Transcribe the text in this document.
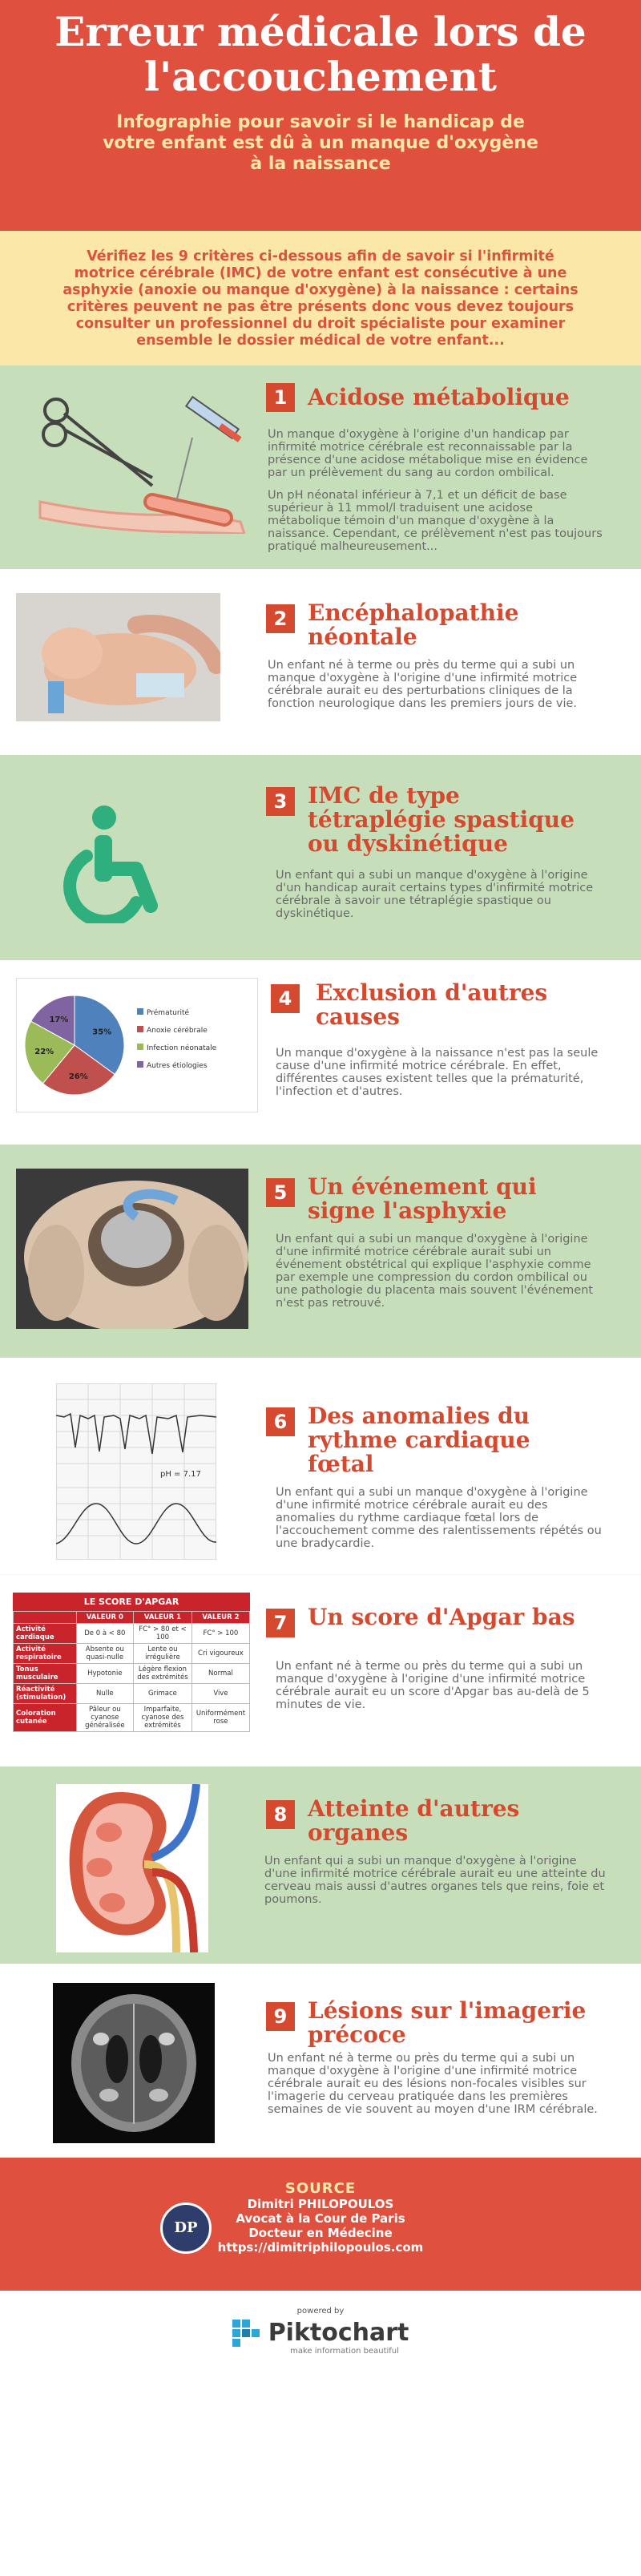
Erreur médicale lors de l'accouchement
Infographie pour savoir si le handicap de votre enfant est dû à un manque d'oxygène à la naissance
Vérifiez les 9 critères ci-dessous afin de savoir si l'infirmité motrice cérébrale (IMC) de votre enfant est consécutive à une asphyxie (anoxie ou manque d'oxygène) à la naissance : certains critères peuvent ne pas être présents donc vous devez toujours consulter un professionnel du droit spécialiste pour examiner ensemble le dossier médical de votre enfant...
1 Acidose métabolique

Un manque d'oxygène à l'origine d'un handicap par infirmité motrice cérébrale est reconnaissable par la présence d'une acidose métabolique mise en évidence par un prélèvement du sang au cordon ombilical.

Un pH néonatal inférieur à 7,1 et un déficit de base supérieur à 11 mmol/l traduisent une acidose métabolique témoin d'un manque d'oxygène à la naissance. Cependant, ce prélèvement n'est pas toujours pratiqué malheureusement...

2 Encéphalopathie néontale

Un enfant né à terme ou près du terme qui a subi un manque d'oxygène à l'origine d'une infirmité motrice cérébrale aurait eu des perturbations cliniques de la fonction neurologique dans les premiers jours de vie.

3 IMC de type tétraplégie spastique ou dyskinétique

Un enfant qui a subi un manque d'oxygène à l'origine d'un handicap aurait certains types d'infirmité motrice cérébrale à savoir une tétraplégie spastique ou dyskinétique.

35%
26%
22%
17%
Prématurité
Anoxie cérébrale
Infection néonatale
Autres étiologies
4	Exclusion d'autres causes

Un manque d'oxygène à la naissance n'est pas la seule cause d'une infirmité motrice cérébrale. En effet, différentes causes existent telles que la prématurité, l'infection et d'autres.

5 Un événement qui signe l'asphyxie

Un enfant qui a subi un manque d'oxygène à l'origine d'une infirmité motrice cérébrale aurait subi un événement obstétrical qui explique l'asphyxie comme par exemple une compression du cordon ombilical ou une pathologie du placenta mais souvent l'événement n'est pas retrouvé.

pH = 7.17
6 Des anomalies du rythme cardiaque fœtal

Un enfant qui a subi un manque d'oxygène à l'origine d'une infirmité motrice cérébrale aurait eu des anomalies du rythme cardiaque fœtal lors de l'accouchement comme des ralentissements répétés ou une bradycardie.

LE SCORE D'APGAR
	VALEUR 0	VALEUR 1	VALEUR 2
Activité cardiaque	De 0 à < 80	FC° > 80 et < 100	FC° > 100
Activité respiratoire	Absente ou quasi-nulle	Lente ou irrégulière	Cri vigoureux
Tonus musculaire	Hypotonie	Légère flexion des extrémités	Normal
Réactivité (stimulation)	Nulle	Grimace	Vive
Coloration cutanée	Pâleur ou cyanose généralisée	Imparfaite, cyanose des extrémités	Uniformément rose
7 Un score d'Apgar bas

Un enfant né à terme ou près du terme qui a subi un manque d'oxygène à l'origine d'une infirmité motrice cérébrale aurait eu un score d'Apgar bas au-delà de 5 minutes de vie.

8 Atteinte d'autres organes

Un enfant qui a subi un manque d'oxygène à l'origine d'une infirmité motrice cérébrale aurait eu une atteinte du cerveau mais aussi d'autres organes tels que reins, foie et poumons.

9 Lésions sur l'imagerie précoce

Un enfant né à terme ou près du terme qui a subi un manque d'oxygène à l'origine d'une infirmité motrice cérébrale aurait eu des lésions non-focales visibles sur l'imagerie du cerveau pratiquée dans les premières semaines de vie souvent au moyen d'une IRM cérébrale.

DP
SOURCE
Dimitri PHILOPOULOS
Avocat à la Cour de Paris
Docteur en Médecine
https://dimitriphilopoulos.com
powered by
Piktochart
make information beautiful
